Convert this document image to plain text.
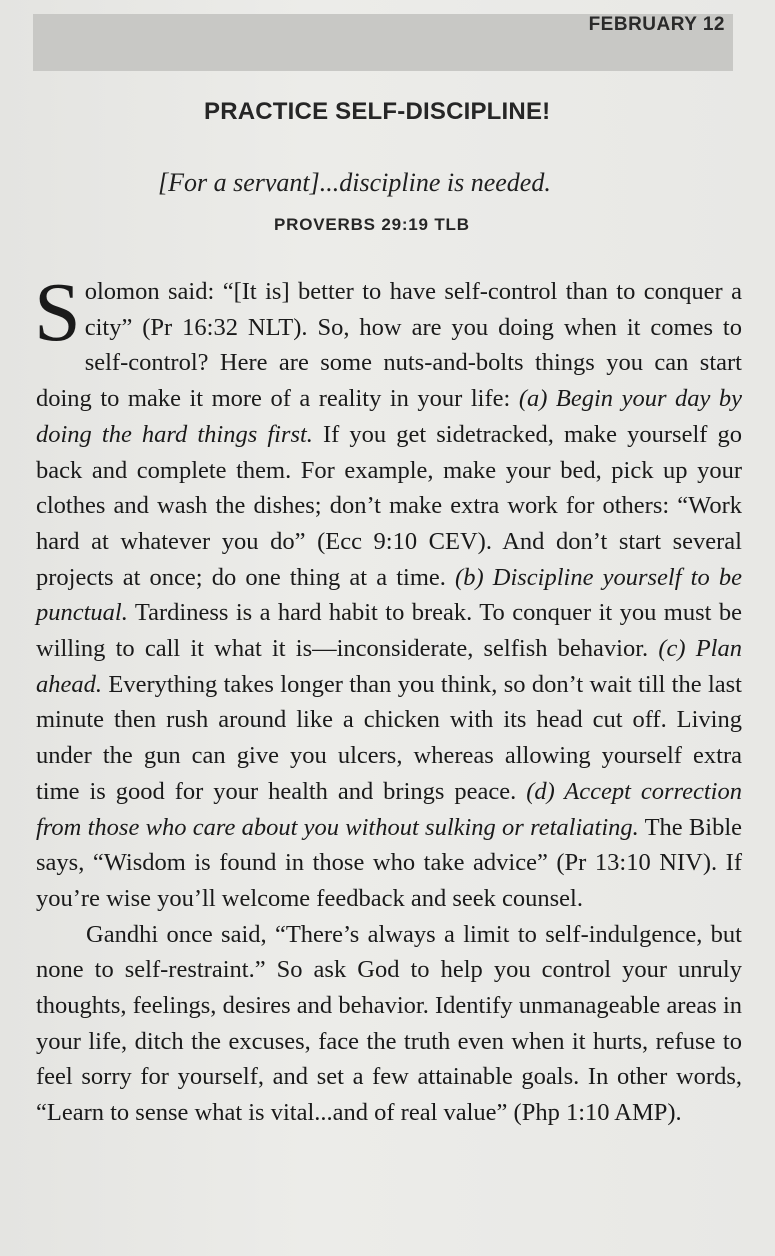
FEBRUARY 12
PRACTICE SELF-DISCIPLINE!
[For a servant]...discipline is needed.
PROVERBS 29:19 TLB

Solomon said: “[It is] better to have self-control than to conquer a city” (Pr 16:32 NLT). So, how are you doing when it comes to self-control? Here are some nuts-and-bolts things you can start doing to make it more of a reality in your life: (a) Begin your day by doing the hard things first. If you get sidetracked, make yourself go back and complete them. For example, make your bed, pick up your clothes and wash the dishes; don’t make extra work for others: “Work hard at whatever you do” (Ecc 9:10 CEV). And don’t start several projects at once; do one thing at a time. (b) Discipline yourself to be punctual. Tardiness is a hard habit to break. To conquer it you must be willing to call it what it is—inconsiderate, selfish behavior. (c) Plan ahead. Everything takes longer than you think, so don’t wait till the last minute then rush around like a chicken with its head cut off. Living under the gun can give you ulcers, whereas allowing yourself extra time is good for your health and brings peace. (d) Accept correction from those who care about you without sulking or retaliating. The Bible says, “Wisdom is found in those who take advice” (Pr 13:10 NIV). If you’re wise you’ll welcome feedback and seek counsel.

Gandhi once said, “There’s always a limit to self-indulgence, but none to self-restraint.” So ask God to help you control your unruly thoughts, feelings, desires and behavior. Identify unmanageable areas in your life, ditch the excuses, face the truth even when it hurts, refuse to feel sorry for yourself, and set a few attainable goals. In other words, “Learn to sense what is vital...and of real value” (Php 1:10 AMP).
